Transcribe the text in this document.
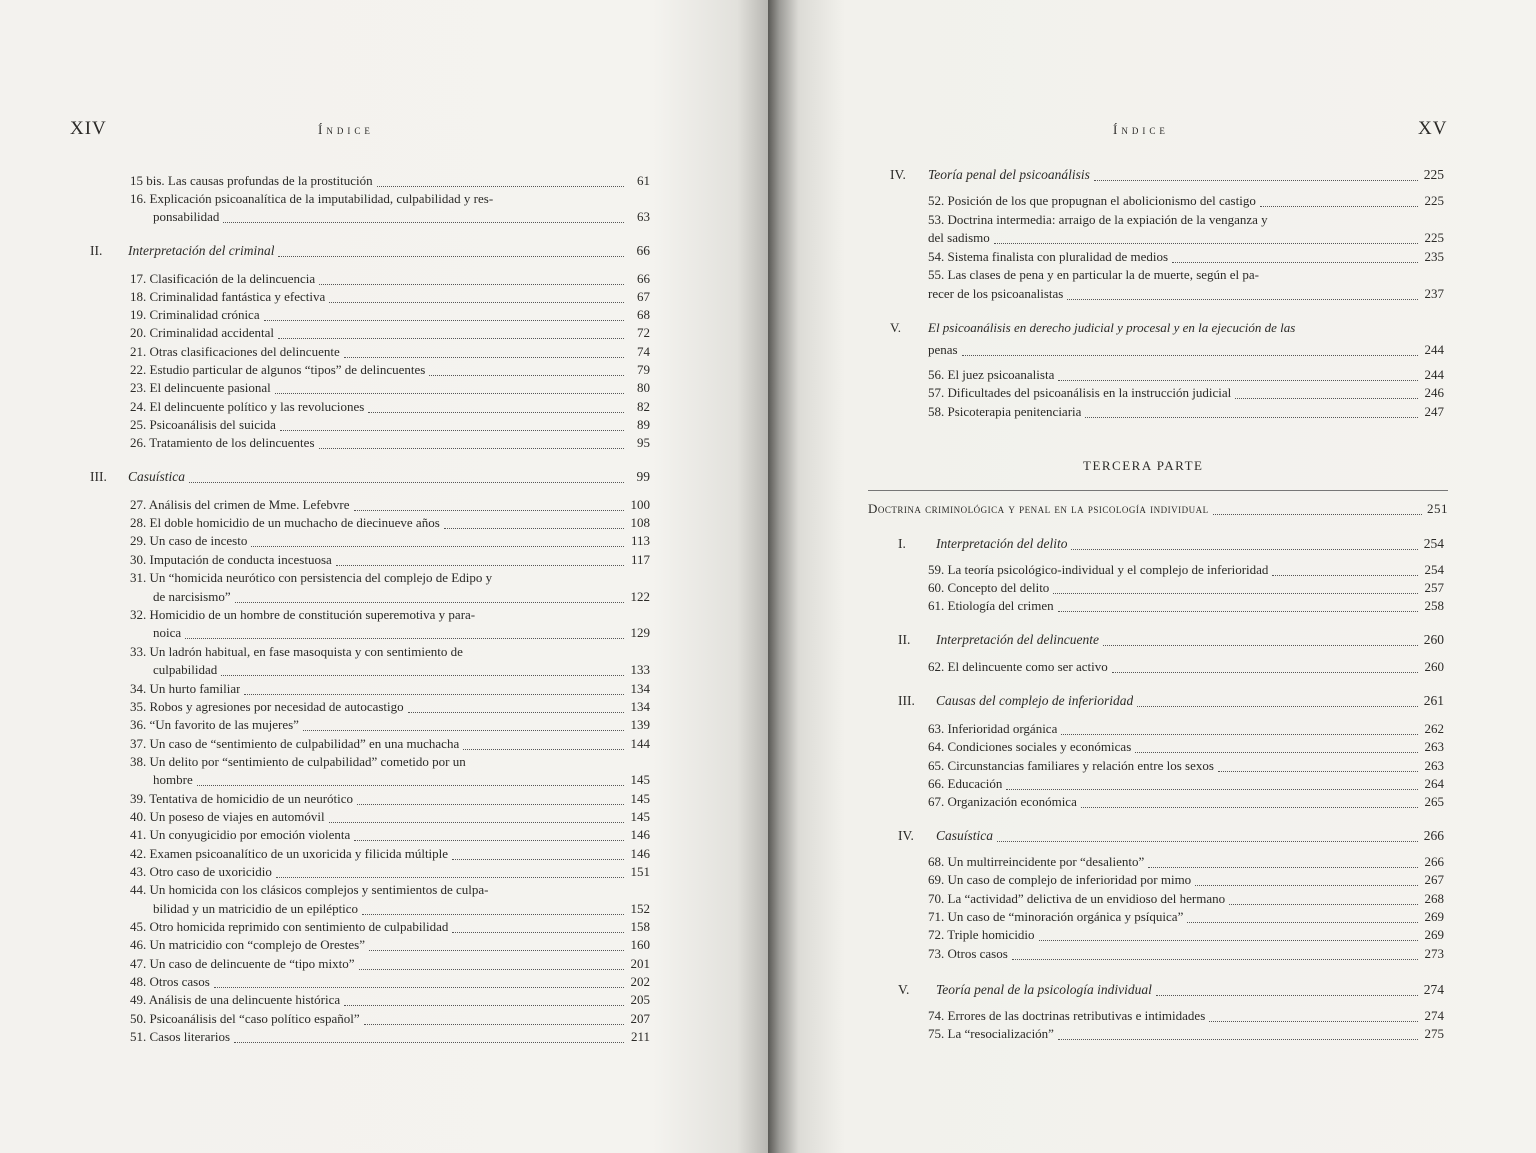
XIV	Índice
15 bis. Las causas profundas de la prostitución	61
16. Explicación psicoanalítica de la imputabilidad, culpabilidad y res-
ponsabilidad	63
II. Interpretación del criminal	66
17. Clasificación de la delincuencia	66
18. Criminalidad fantástica y efectiva	67
19. Criminalidad crónica	68
20. Criminalidad accidental	72
21. Otras clasificaciones del delincuente	74
22. Estudio particular de algunos “tipos” de delincuentes	79
23. El delincuente pasional	80
24. El delincuente político y las revoluciones	82
25. Psicoanálisis del suicida	89
26. Tratamiento de los delincuentes	95
III. Casuística	99
27. Análisis del crimen de Mme. Lefebvre	100
28. El doble homicidio de un muchacho de diecinueve años	108
29. Un caso de incesto	113
30. Imputación de conducta incestuosa	117
31. Un “homicida neurótico con persistencia del complejo de Edipo y
de narcisismo”	122
32. Homicidio de un hombre de constitución superemotiva y para-
noica	129
33. Un ladrón habitual, en fase masoquista y con sentimiento de
culpabilidad	133
34. Un hurto familiar	134
35. Robos y agresiones por necesidad de autocastigo	134
36. “Un favorito de las mujeres”	139
37. Un caso de “sentimiento de culpabilidad” en una muchacha	144
38. Un delito por “sentimiento de culpabilidad” cometido por un
hombre	145
39. Tentativa de homicidio de un neurótico	145
40. Un poseso de viajes en automóvil	145
41. Un conyugicidio por emoción violenta	146
42. Examen psicoanalítico de un uxoricida y filicida múltiple	146
43. Otro caso de uxoricidio	151
44. Un homicida con los clásicos complejos y sentimientos de culpa-
bilidad y un matricidio de un epiléptico	152
45. Otro homicida reprimido con sentimiento de culpabilidad	158
46. Un matricidio con “complejo de Orestes”	160
47. Un caso de delincuente de “tipo mixto”	201
48. Otros casos	202
49. Análisis de una delincuente histórica	205
50. Psicoanálisis del “caso político español”	207
51. Casos literarios	211
Índice	XV
IV. Teoría penal del psicoanálisis	225
52. Posición de los que propugnan el abolicionismo del castigo	225
53. Doctrina intermedia: arraigo de la expiación de la venganza y
del sadismo	225
54. Sistema finalista con pluralidad de medios	235
55. Las clases de pena y en particular la de muerte, según el pa-
recer de los psicoanalistas	237
V. El psicoanálisis en derecho judicial y procesal y en la ejecución de las
penas	244
56. El juez psicoanalista	244
57. Dificultades del psicoanálisis en la instrucción judicial	246
58. Psicoterapia penitenciaria	247
TERCERA PARTE
Doctrina criminológica y penal en la psicología individual	251
I. Interpretación del delito	254
59. La teoría psicológico-individual y el complejo de inferioridad	254
60. Concepto del delito	257
61. Etiología del crimen	258
II. Interpretación del delincuente	260
62. El delincuente como ser activo	260
III. Causas del complejo de inferioridad	261
63. Inferioridad orgánica	262
64. Condiciones sociales y económicas	263
65. Circunstancias familiares y relación entre los sexos	263
66. Educación	264
67. Organización económica	265
IV. Casuística	266
68. Un multirreincidente por “desaliento”	266
69. Un caso de complejo de inferioridad por mimo	267
70. La “actividad” delictiva de un envidioso del hermano	268
71. Un caso de “minoración orgánica y psíquica”	269
72. Triple homicidio	269
73. Otros casos	273
V. Teoría penal de la psicología individual	274
74. Errores de las doctrinas retributivas e intimidades	274
75. La “resocialización”	275
